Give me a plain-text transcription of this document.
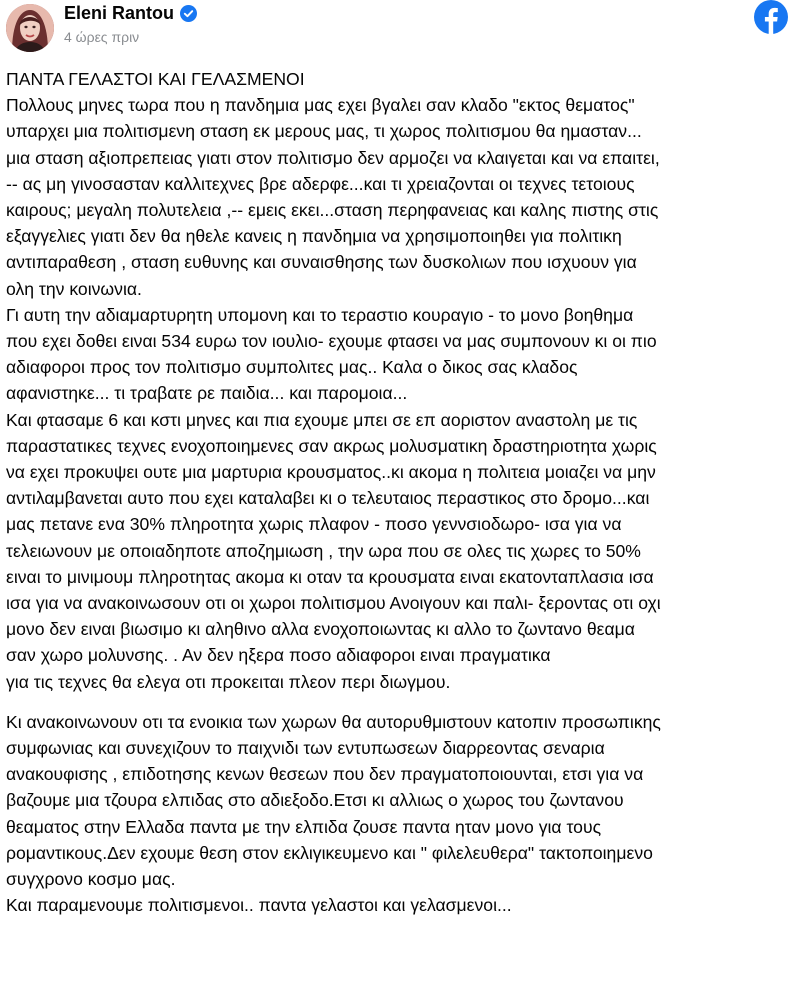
Eleni Rantou
4 ώρες πριν

ΠΑΝΤΑ ΓΕΛΑΣΤΟΙ ΚΑΙ ΓΕΛΑΣΜΕΝΟΙ

Πολλους μηνες τωρα που η πανδημια μας εχει βγαλει σαν κλαδο "εκτος θεματος"

υπαρχει μια πολιτισμενη σταση εκ μερους μας, τι χωρος πολιτισμου θα ημασταν...

μια σταση αξιοπρεπειας γιατι στον πολιτισμο δεν αρμοζει να κλαιγεται και να επαιτει,

-- ας μη γινοσασταν καλλιτεχνες βρε αδερφε...και τι χρειαζονται οι τεχνες τετοιους

καιρους; μεγαλη πολυτελεια ,-- εμεις εκει...σταση περηφανειας και καλης πιστης στις

εξαγγελιες γιατι δεν θα ηθελε κανεις η πανδημια να χρησιμοποιηθει για πολιτικη

αντιπαραθεση , σταση ευθυνης και συναισθησης των δυσκολιων που ισχυουν για

ολη την κοινωνια.

Γι αυτη την αδιαμαρτυρητη υπομονη και το τεραστιο κουραγιο - το μονο βοηθημα

που εχει δοθει ειναι 534 ευρω τον ιουλιο- εχουμε φτασει να μας συμπονουν κι οι πιο

αδιαφοροι προς τον πολιτισμο συμπολιτες μας.. Καλα ο δικος σας κλαδος

αφανιστηκε... τι τραβατε ρε παιδια... και παρομοια...

Και φτασαμε 6 και κστι μηνες και πια εχουμε μπει σε επ αοριστον αναστολη με τις

παραστατικες τεχνες ενοχοποιημενες σαν ακρως μολυσματικη δραστηριοτητα χωρις

να εχει προκυψει ουτε μια μαρτυρια κρουσματος..κι ακομα η πολιτεια μοιαζει να μην

αντιλαμβανεται αυτο που εχει καταλαβει κι ο τελευταιος περαστικος στο δρομο...και

μας πετανε ενα 30% πληροτητα χωρις πλαφον - ποσο γεννσιοδωρο- ισα για να

τελειωνουν με οποιαδηποτε αποζημιωση , την ωρα που σε ολες τις χωρες το 50%

ειναι το μινιμουμ πληροτητας ακομα κι οταν τα κρουσματα ειναι εκατονταπλασια ισα

ισα για να ανακοινωσουν οτι οι χωροι πολιτισμου Ανοιγουν και παλι- ξεροντας οτι οχι

μονο δεν ειναι βιωσιμο κι αληθινο αλλα ενοχοποιωντας κι αλλο το ζωντανο θεαμα

σαν χωρο μολυνσης. . Αν δεν ηξερα ποσο αδιαφοροι ειναι πραγματικα

για τις τεχνες θα ελεγα οτι προκειται πλεον περι διωγμου.

Κι ανακοινωνουν οτι τα ενοικια των χωρων θα αυτορυθμιστουν κατοπιν προσωπικης

συμφωνιας και συνεχιζουν το παιχνιδι των εντυπωσεων διαρρεοντας σεναρια

ανακουφισης , επιδοτησης κενων θεσεων που δεν πραγματοποιουνται, ετσι για να

βαζουμε μια τζουρα ελπιδας στο αδιεξοδο.Ετσι κι αλλιως ο χωρος του ζωντανου

θεαματος στην Ελλαδα παντα με την ελπιδα ζουσε παντα ηταν μονο για τους

ρομαντικους.Δεν εχουμε θεση στον εκλιγικευμενο και " φιλελευθερα" τακτοποιημενο

συγχρονο κοσμο μας.

Και παραμενουμε πολιτισμενοι.. παντα γελαστοι και γελασμενοι...
